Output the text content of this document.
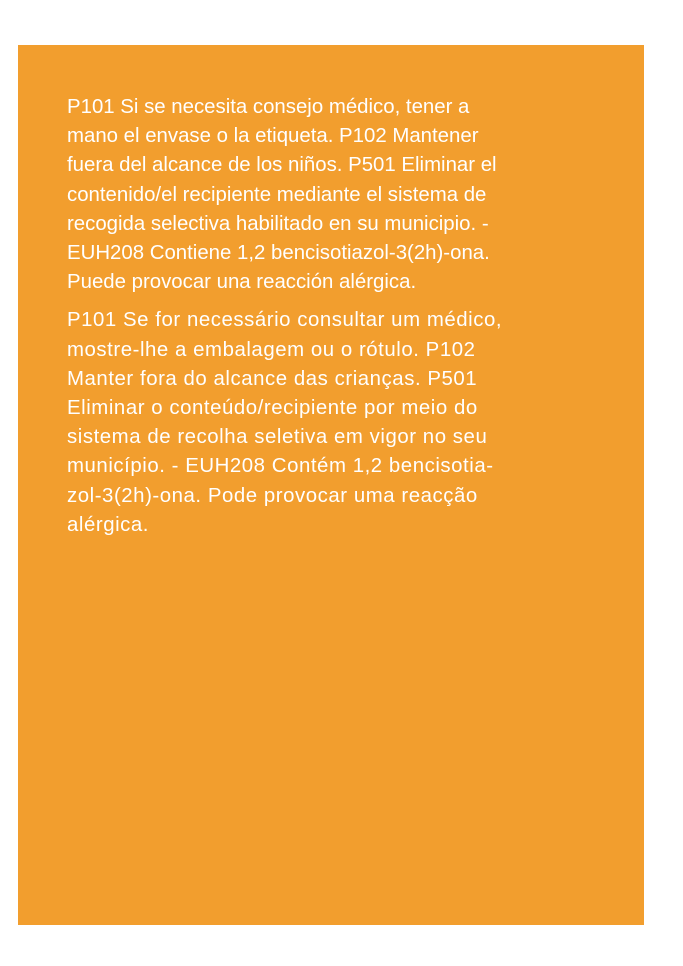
P101 Si se necesita consejo médico, tener a
mano el envase o la etiqueta. P102 Mantener
fuera del alcance de los niños. P501 Eliminar el
contenido/el recipiente mediante el sistema de
recogida selectiva habilitado en su municipio. -
EUH208 Contiene 1,2 bencisotiazol-3(2h)-ona.
Puede provocar una reacción alérgica.

P101 Se for necessário consultar um médico,
mostre-lhe a embalagem ou o rótulo. P102
Manter fora do alcance das crianças. P501
Eliminar o conteúdo/recipiente por meio do
sistema de recolha seletiva em vigor no seu
município. - EUH208 Contém 1,2 bencisotia-
zol-3(2h)-ona. Pode provocar uma reacção
alérgica.
